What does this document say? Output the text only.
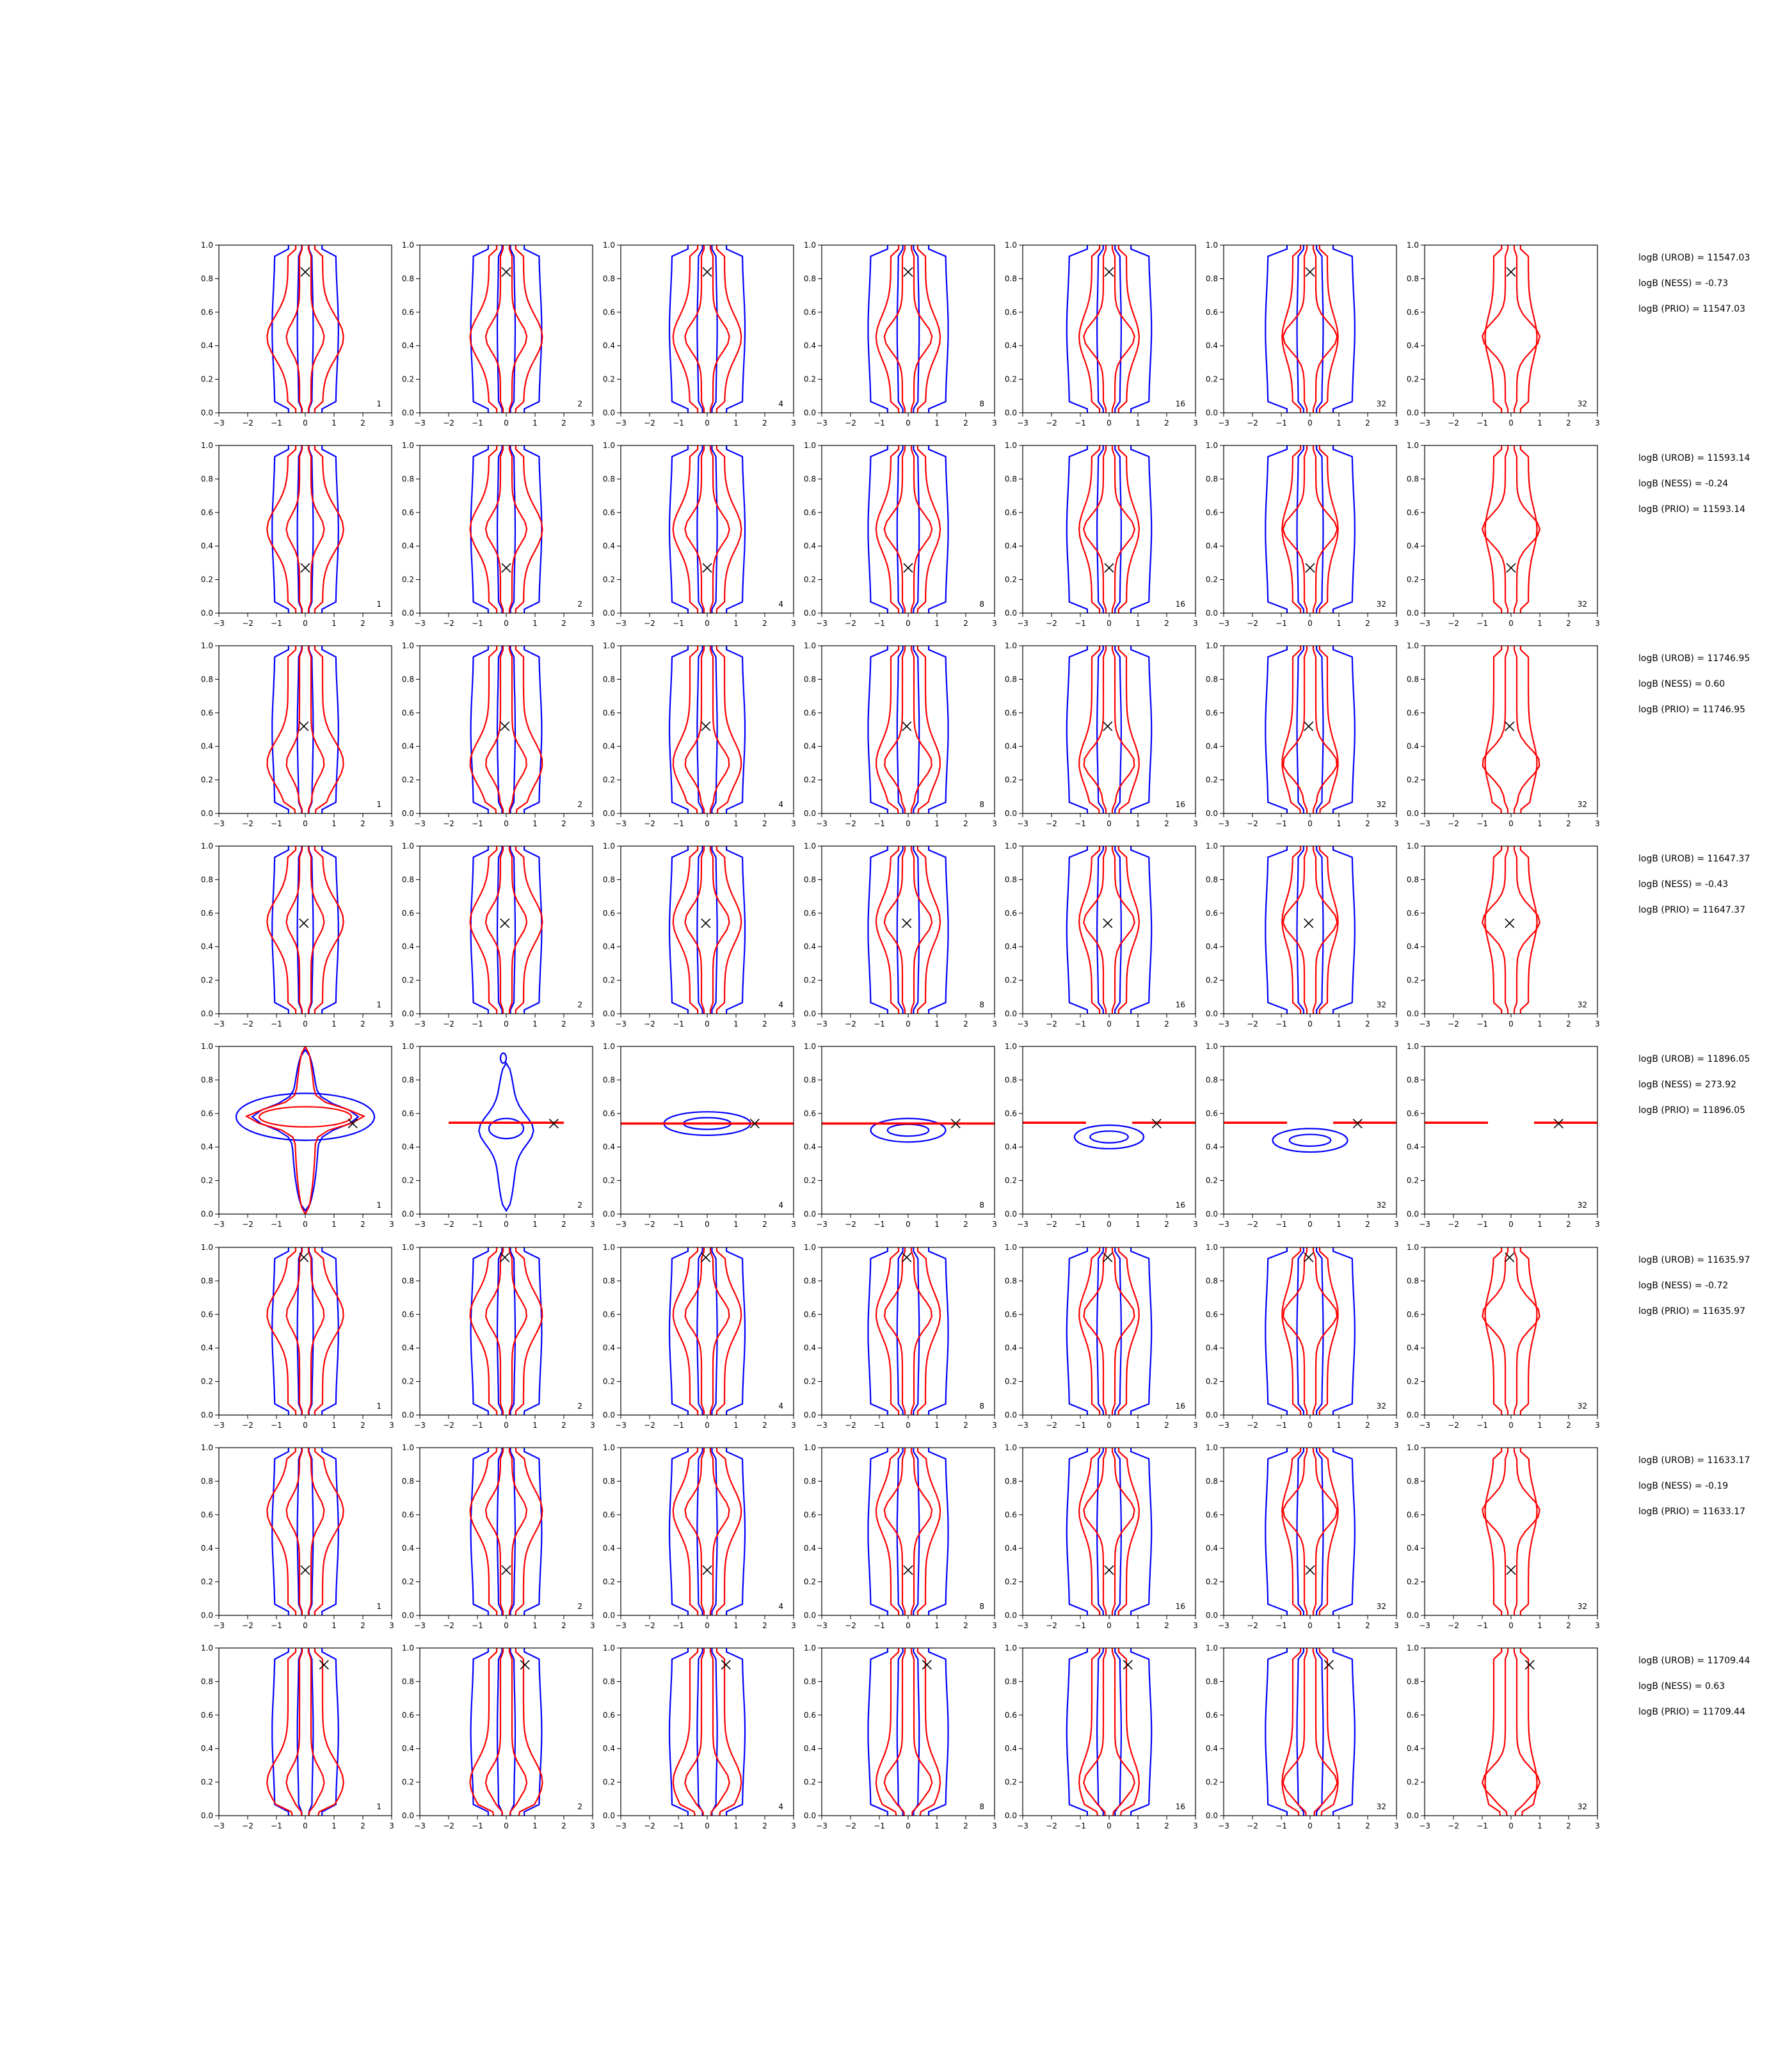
−3 −2 −1	0	1	2	3
0.0
0.2
0.4
0.6
0.8
1.0
1
−3 −2 −1	0	1	2	3
0.0
0.2
0.4
0.6
0.8
1.0
2
−3 −2 −1	0	1	2	3
0.0
0.2
0.4
0.6
0.8
1.0
4
−3 −2 −1	0	1	2	3
0.0
0.2
0.4
0.6
0.8
1.0
8
−3 −2 −1	0	1	2	3
0.0
0.2
0.4
0.6
0.8
1.0
16
−3 −2 −1	0	1	2	3
0.0
0.2
0.4
0.6
0.8
1.0
32
−3 −2 −1	0	1	2	3
0.0
0.2
0.4
0.6
0.8
1.0
32
−3 −2 −1	0	1	2	3
0.0
0.2
0.4
0.6
0.8
1.0
1
−3 −2 −1	0	1	2	3
0.0
0.2
0.4
0.6
0.8
1.0
2
−3 −2 −1	0	1	2	3
0.0
0.2
0.4
0.6
0.8
1.0
4
−3 −2 −1	0	1	2	3
0.0
0.2
0.4
0.6
0.8
1.0
8
−3 −2 −1	0	1	2	3
0.0
0.2
0.4
0.6
0.8
1.0
16
−3 −2 −1	0	1	2	3
0.0
0.2
0.4
0.6
0.8
1.0
32
−3 −2 −1	0	1	2	3
0.0
0.2
0.4
0.6
0.8
1.0
32
−3 −2 −1	0	1	2	3
0.0
0.2
0.4
0.6
0.8
1.0
1
−3 −2 −1	0	1	2	3
0.0
0.2
0.4
0.6
0.8
1.0
2
−3 −2 −1	0	1	2	3
0.0
0.2
0.4
0.6
0.8
1.0
4
−3 −2 −1	0	1	2	3
0.0
0.2
0.4
0.6
0.8
1.0
8
−3 −2 −1	0	1	2	3
0.0
0.2
0.4
0.6
0.8
1.0
16
−3 −2 −1	0	1	2	3
0.0
0.2
0.4
0.6
0.8
1.0
32
−3 −2 −1	0	1	2	3
0.0
0.2
0.4
0.6
0.8
1.0
32
−3 −2 −1	0	1	2	3
0.0
0.2
0.4
0.6
0.8
1.0
1
−3 −2 −1	0	1	2	3
0.0
0.2
0.4
0.6
0.8
1.0
2
−3 −2 −1	0	1	2	3
0.0
0.2
0.4
0.6
0.8
1.0
4
−3 −2 −1	0	1	2	3
0.0
0.2
0.4
0.6
0.8
1.0
8
−3 −2 −1	0	1	2	3
0.0
0.2
0.4
0.6
0.8
1.0
16
−3 −2 −1	0	1	2	3
0.0
0.2
0.4
0.6
0.8
1.0
32
−3 −2 −1	0	1	2	3
0.0
0.2
0.4
0.6
0.8
1.0
32
−3 −2 −1	0	1	2	3
0.0
0.2
0.4
0.6
0.8
1.0
1
−3 −2 −1	0	1	2	3
0.0
0.2
0.4
0.6
0.8
1.0
2
−3 −2 −1	0	1	2	3
0.0
0.2
0.4
0.6
0.8
1.0
4
−3 −2 −1	0	1	2	3
0.0
0.2
0.4
0.6
0.8
1.0
8
−3 −2 −1	0	1	2	3
0.0
0.2
0.4
0.6
0.8
1.0
16
−3 −2 −1	0	1	2	3
0.0
0.2
0.4
0.6
0.8
1.0
32
−3 −2 −1	0	1	2	3
0.0
0.2
0.4
0.6
0.8
1.0
32
−3 −2 −1	0	1	2	3
0.0
0.2
0.4
0.6
0.8
1.0
1
−3 −2 −1	0	1	2	3
0.0
0.2
0.4
0.6
0.8
1.0
2
−3 −2 −1	0	1	2	3
0.0
0.2
0.4
0.6
0.8
1.0
4
−3 −2 −1	0	1	2	3
0.0
0.2
0.4
0.6
0.8
1.0
8
−3 −2 −1	0	1	2	3
0.0
0.2
0.4
0.6
0.8
1.0
16
−3 −2 −1	0	1	2	3
0.0
0.2
0.4
0.6
0.8
1.0
32
−3 −2 −1	0	1	2	3
0.0
0.2
0.4
0.6
0.8
1.0
32
−3 −2 −1	0	1	2	3
0.0
0.2
0.4
0.6
0.8
1.0
1
−3 −2 −1	0	1	2	3
0.0
0.2
0.4
0.6
0.8
1.0
2
−3 −2 −1	0	1	2	3
0.0
0.2
0.4
0.6
0.8
1.0
4
−3 −2 −1	0	1	2	3
0.0
0.2
0.4
0.6
0.8
1.0
8
−3 −2 −1	0	1	2	3
0.0
0.2
0.4
0.6
0.8
1.0
16
−3 −2 −1	0	1	2	3
0.0
0.2
0.4
0.6
0.8
1.0
32
−3 −2 −1	0	1	2	3
0.0
0.2
0.4
0.6
0.8
1.0
32
−3 −2 −1	0	1	2	3
0.0
0.2
0.4
0.6
0.8
1.0
1
−3 −2 −1	0	1	2	3
0.0
0.2
0.4
0.6
0.8
1.0
2
−3 −2 −1	0	1	2	3
0.0
0.2
0.4
0.6
0.8
1.0
4
−3 −2 −1	0	1	2	3
0.0
0.2
0.4
0.6
0.8
1.0
8
−3 −2 −1	0	1	2	3
0.0
0.2
0.4
0.6
0.8
1.0
16
−3 −2 −1	0	1	2	3
0.0
0.2
0.4
0.6
0.8
1.0
32
−3 −2 −1	0	1	2	3
0.0
0.2
0.4
0.6
0.8
1.0
32
logB (UROB) = 11547.03
logB (NESS) = -0.73
logB (PRIO) = 11547.03
logB (UROB) = 11593.14
logB (NESS) = -0.24
logB (PRIO) = 11593.14
logB (UROB) = 11746.95
logB (NESS) = 0.60
logB (PRIO) = 11746.95
logB (UROB) = 11647.37
logB (NESS) = -0.43
logB (PRIO) = 11647.37
logB (UROB) = 11896.05
logB (NESS) = 273.92
logB (PRIO) = 11896.05
logB (UROB) = 11635.97
logB (NESS) = -0.72
logB (PRIO) = 11635.97
logB (UROB) = 11633.17
logB (NESS) = -0.19
logB (PRIO) = 11633.17
logB (UROB) = 11709.44
logB (NESS) = 0.63
logB (PRIO) = 11709.44
